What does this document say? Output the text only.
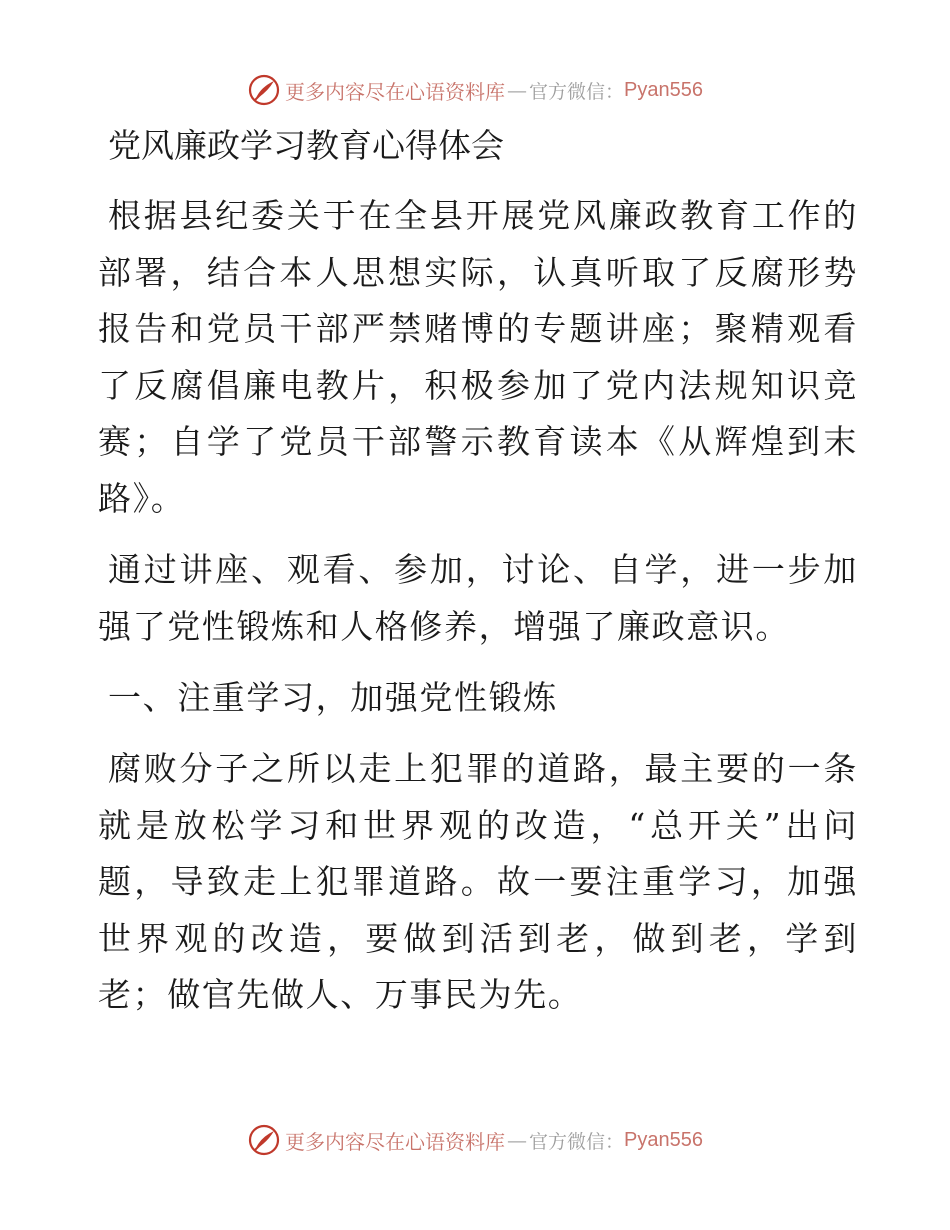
更多内容尽在心语资料库 — 官方微信： Pyan556
党风廉政学习教育心得体会

根据县纪委关于在全县开展党风廉政教育工作的部署，结合本人思想实际，认真听取了反腐形势报告和党员干部严禁赌博的专题讲座；聚精观看了反腐倡廉电教片，积极参加了党内法规知识竞赛；自学了党员干部警示教育读本《从辉煌到末路》。

通过讲座、观看、参加，讨论、自学，进一步加强了党性锻炼和人格修养，增强了廉政意识。

一、注重学习，加强党性锻炼

腐败分子之所以走上犯罪的道路，最主要的一条就是放松学习和世界观的改造，“总开关”出问题，导致走上犯罪道路。故一要注重学习，加强世界观的改造，要做到活到老，做到老，学到老；做官先做人、万事民为先。

更多内容尽在心语资料库 — 官方微信： Pyan556
